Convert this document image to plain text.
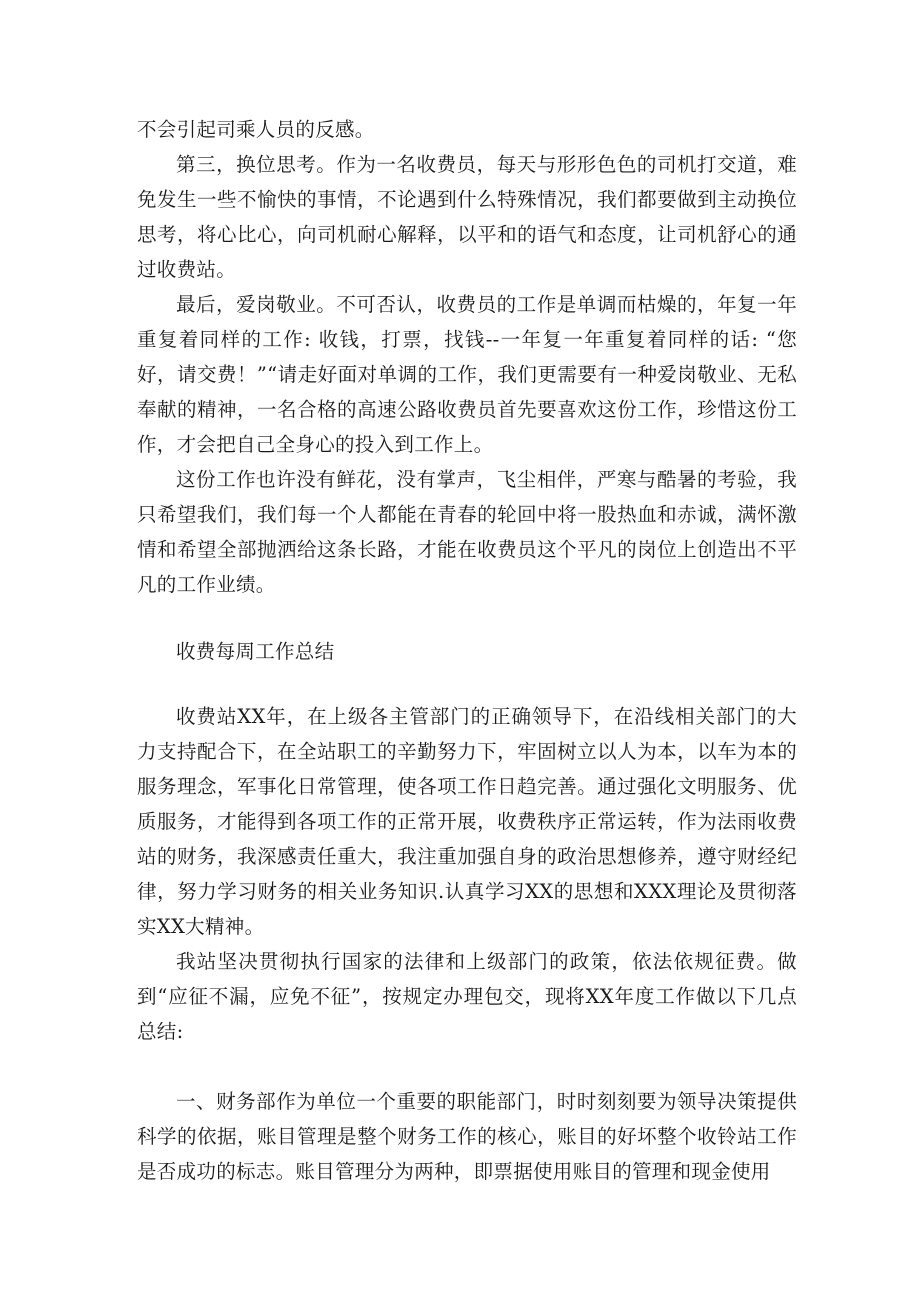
不会引起司乘人员的反感。

第三，换位思考。作为一名收费员，每天与形形色色的司机打交道，难免发生一些不愉快的事情，不论遇到什么特殊情况，我们都要做到主动换位思考，将心比心，向司机耐心解释，以平和的语气和态度，让司机舒心的通过收费站。

最后，爱岗敬业。不可否认，收费员的工作是单调而枯燥的，年复一年重复着同样的工作: 收钱，打票，找钱--一年复一年重复着同样的话: “您好，请交费！”“请走好面对单调的工作，我们更需要有一种爱岗敬业、无私奉献的精神，一名合格的高速公路收费员首先要喜欢这份工作，珍惜这份工作，才会把自己全身心的投入到工作上。

这份工作也许没有鲜花，没有掌声，飞尘相伴，严寒与酷暑的考验，我只希望我们，我们每一个人都能在青春的轮回中将一股热血和赤诚，满怀激情和希望全部抛洒给这条长路，才能在收费员这个平凡的岗位上创造出不平凡的工作业绩。

收费每周工作总结

收费站XX年，在上级各主管部门的正确领导下，在沿线相关部门的大力支持配合下，在全站职工的辛勤努力下，牢固树立以人为本，以车为本的服务理念，军事化日常管理，使各项工作日趋完善。通过强化文明服务、优质服务，才能得到各项工作的正常开展，收费秩序正常运转，作为法雨收费站的财务，我深感责任重大，我注重加强自身的政治思想修养，遵守财经纪律，努力学习财务的相关业务知识.认真学习XX的思想和XXX理论及贯彻落实XX大精神。

我站坚决贯彻执行国家的法律和上级部门的政策，依法依规征费。做到“应征不漏，应免不征”，按规定办理包交，现将XX年度工作做以下几点总结:

一、财务部作为单位一个重要的职能部门，时时刻刻要为领导决策提供科学的依据，账目管理是整个财务工作的核心，账目的好坏整个收铃站工作是否成功的标志。账目管理分为两种，即票据使用账目的管理和现金使用
